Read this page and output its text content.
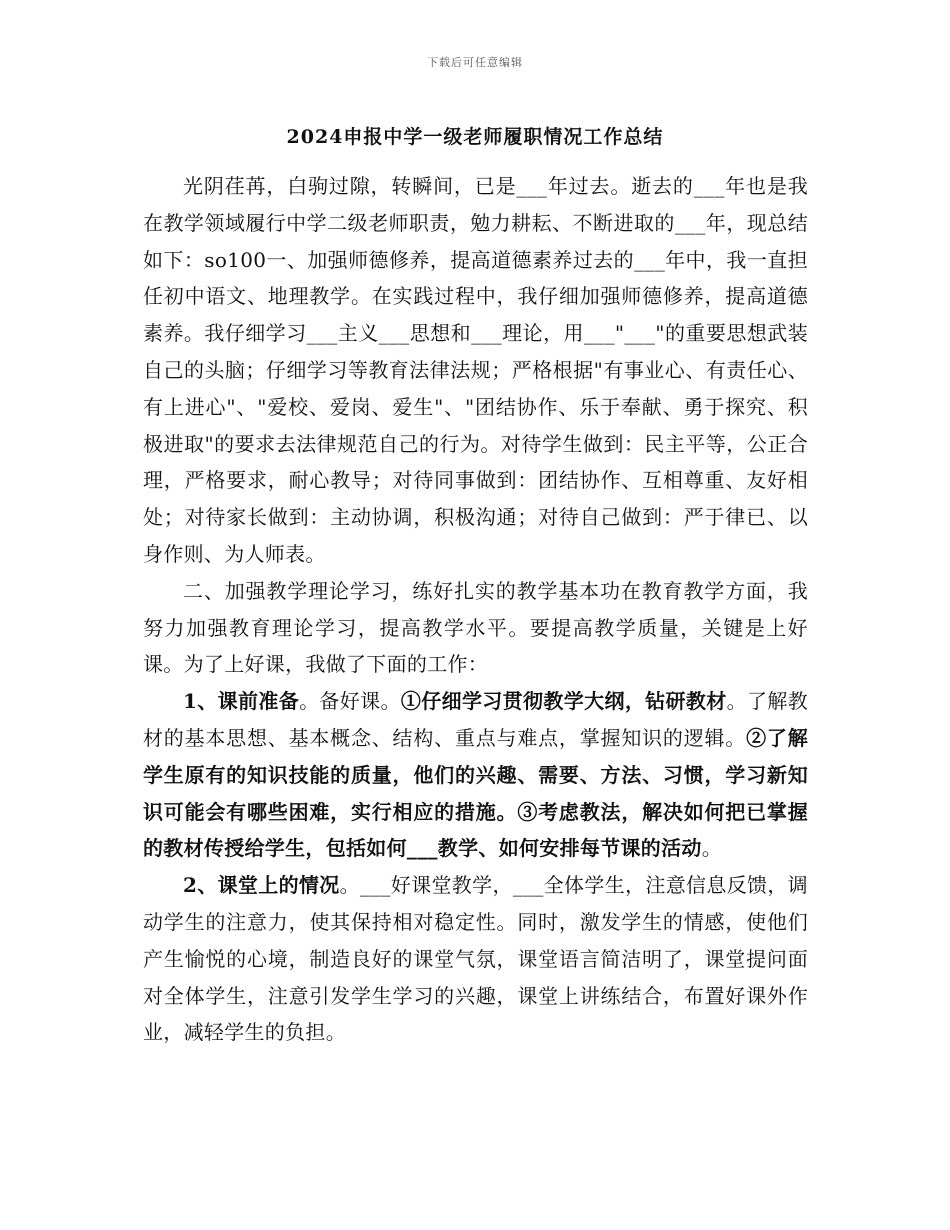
下载后可任意编辑
2024申报中学一级老师履职情况工作总结

光阴荏苒，白驹过隙，转瞬间，已是___年过去。逝去的___年也是我在教学领域履行中学二级老师职责，勉力耕耘、不断进取的___年，现总结如下：so100一、加强师德修养，提高道德素养过去的___年中，我一直担任初中语文、地理教学。在实践过程中，我仔细加强师德修养，提高道德素养。我仔细学习___主义___思想和___理论，用___"___"的重要思想武装自己的头脑；仔细学习等教育法律法规；严格根据"有事业心、有责任心、有上进心"、"爱校、爱岗、爱生"、"团结协作、乐于奉献、勇于探究、积极进取"的要求去法律规范自己的行为。对待学生做到：民主平等，公正合理，严格要求，耐心教导；对待同事做到：团结协作、互相尊重、友好相处；对待家长做到：主动协调，积极沟通；对待自己做到：严于律已、以身作则、为人师表。

二、加强教学理论学习，练好扎实的教学基本功在教育教学方面，我努力加强教育理论学习，提高教学水平。要提高教学质量，关键是上好课。为了上好课，我做了下面的工作：

1、课前准备。备好课。①仔细学习贯彻教学大纲，钻研教材。了解教材的基本思想、基本概念、结构、重点与难点，掌握知识的逻辑。②了解学生原有的知识技能的质量，他们的兴趣、需要、方法、习惯，学习新知识可能会有哪些困难，实行相应的措施。③考虑教法，解决如何把已掌握的教材传授给学生，包括如何___教学、如何安排每节课的活动。

2、课堂上的情况。___好课堂教学，___全体学生，注意信息反馈，调动学生的注意力，使其保持相对稳定性。同时，激发学生的情感，使他们产生愉悦的心境，制造良好的课堂气氛，课堂语言简洁明了，课堂提问面对全体学生，注意引发学生学习的兴趣，课堂上讲练结合，布置好课外作业，减轻学生的负担。
